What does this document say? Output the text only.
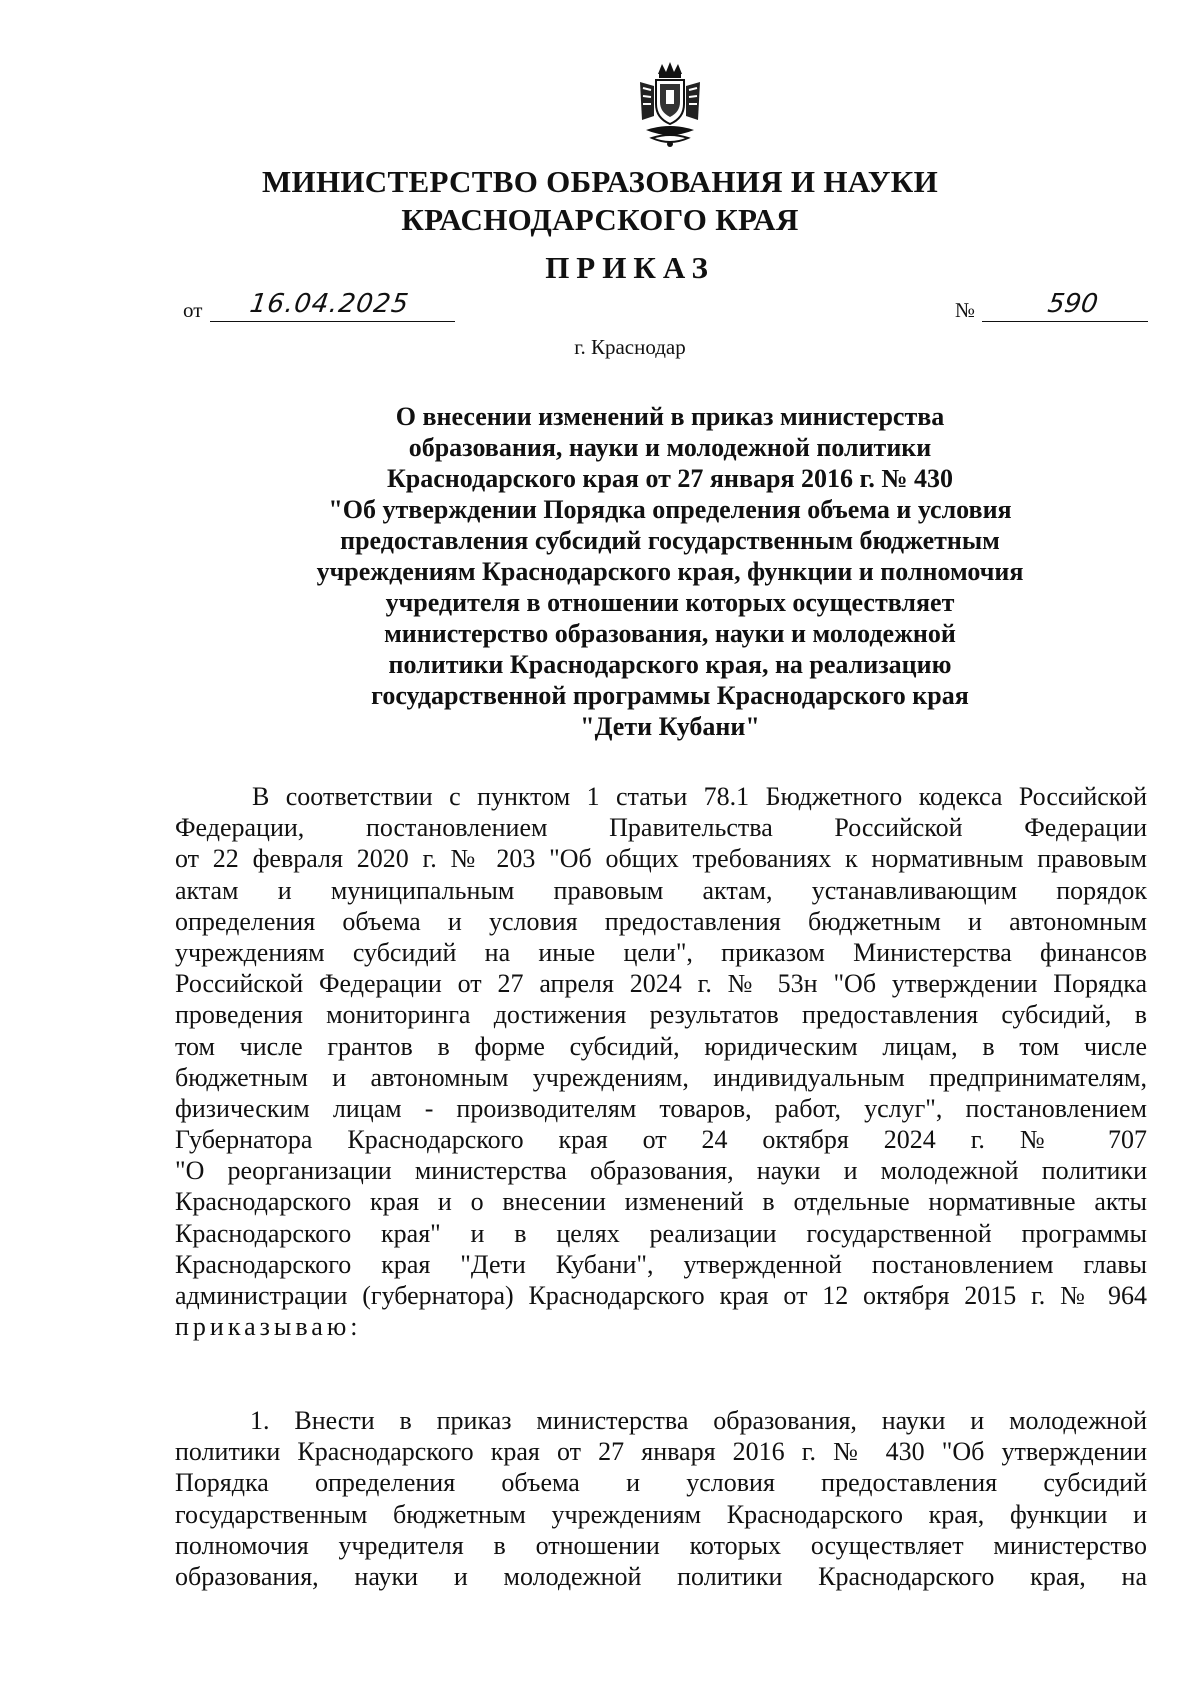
МИНИСТЕРСТВО ОБРАЗОВАНИЯ И НАУКИ
КРАСНОДАРСКОГО КРАЯ
ПРИКАЗ
от 16.04.2025	№	590
г. Краснодар
О внесении изменений в приказ министерства
образования, науки и молодежной политики
Краснодарского края от 27 января 2016 г. № 430
"Об утверждении Порядка определения объема и условия
предоставления субсидий государственным бюджетным
учреждениям Краснодарского края, функции и полномочия
учредителя в отношении которых осуществляет
министерство образования, науки и молодежной
политики Краснодарского края, на реализацию
государственной программы Краснодарского края
"Дети Кубани"
В соответствии с пунктом 1 статьи 78.1 Бюджетного кодекса Российской
Федерации, постановлением Правительства Российской Федерации
от 22 февраля 2020 г. № 203 "Об общих требованиях к нормативным правовым
актам и муниципальным правовым актам, устанавливающим порядок
определения объема и условия предоставления бюджетным и автономным
учреждениям субсидий на иные цели", приказом Министерства финансов
Российской Федерации от 27 апреля 2024 г. № 53н "Об утверждении Порядка
проведения мониторинга достижения результатов предоставления субсидий, в
том числе грантов в форме субсидий, юридическим лицам, в том числе
бюджетным и автономным учреждениям, индивидуальным предпринимателям,
физическим лицам - производителям товаров, работ, услуг", постановлением
Губернатора Краснодарского края от 24 октября 2024 г. № 707
"О реорганизации министерства образования, науки и молодежной политики
Краснодарского края и о внесении изменений в отдельные нормативные акты
Краснодарского края" и в целях реализации государственной программы
Краснодарского края "Дети Кубани", утвержденной постановлением главы
администрации (губернатора) Краснодарского края от 12 октября 2015 г. № 964
приказываю:
1. Внести в приказ министерства образования, науки и молодежной
политики Краснодарского края от 27 января 2016 г. № 430 "Об утверждении
Порядка определения объема и условия предоставления субсидий
государственным бюджетным учреждениям Краснодарского края, функции и
полномочия учредителя в отношении которых осуществляет министерство
образования, науки и молодежной политики Краснодарского края, на
